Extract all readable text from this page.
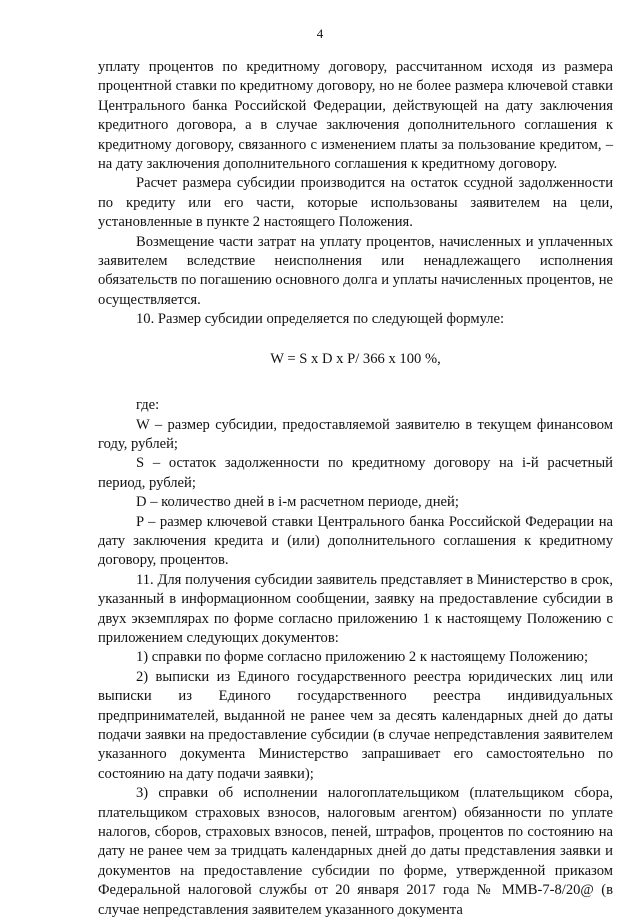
4

уплату процентов по кредитному договору, рассчитанном исходя из размера процентной ставки по кредитному договору, но не более размера ключевой ставки Центрального банка Российской Федерации, действующей на дату заключения кредитного договора, а в случае заключения дополнительного соглашения к кредитному договору, связанного с изменением платы за пользование кредитом, – на дату заключения дополнительного соглашения к кредитному договору.

Расчет размера субсидии производится на остаток ссудной задолженности по кредиту или его части, которые использованы заявителем на цели, установленные в пункте 2 настоящего Положения.

Возмещение части затрат на уплату процентов, начисленных и уплаченных заявителем вследствие неисполнения или ненадлежащего исполнения обязательств по погашению основного долга и уплаты начисленных процентов, не осуществляется.

10. Размер субсидии определяется по следующей формуле:

W = S x D x P/ 366 x 100 %,

где:

W – размер субсидии, предоставляемой заявителю в текущем финансовом году, рублей;

S – остаток задолженности по кредитному договору на i-й расчетный период, рублей;

D – количество дней в i-м расчетном периоде, дней;

P – размер ключевой ставки Центрального банка Российской Федерации на дату заключения кредита и (или) дополнительного соглашения к кредитному договору, процентов.

11. Для получения субсидии заявитель представляет в Министерство в срок, указанный в информационном сообщении, заявку на предоставление субсидии в двух экземплярах по форме согласно приложению 1 к настоящему Положению с приложением следующих документов:

1) справки по форме согласно приложению 2 к настоящему Положению;

2) выписки из Единого государственного реестра юридических лиц или выписки из Единого государственного реестра индивидуальных предпринимателей, выданной не ранее чем за десять календарных дней до даты подачи заявки на предоставление субсидии (в случае непредставления заявителем указанного документа Министерство запрашивает его самостоятельно по состоянию на дату подачи заявки);

3) справки об исполнении налогоплательщиком (плательщиком сбора, плательщиком страховых взносов, налоговым агентом) обязанности по уплате налогов, сборов, страховых взносов, пеней, штрафов, процентов по состоянию на дату не ранее чем за тридцать календарных дней до даты представления заявки и документов на предоставление субсидии по форме, утвержденной приказом Федеральной налоговой службы от 20 января 2017 года № ММВ-7-8/20@ (в случае непредставления заявителем указанного документа
